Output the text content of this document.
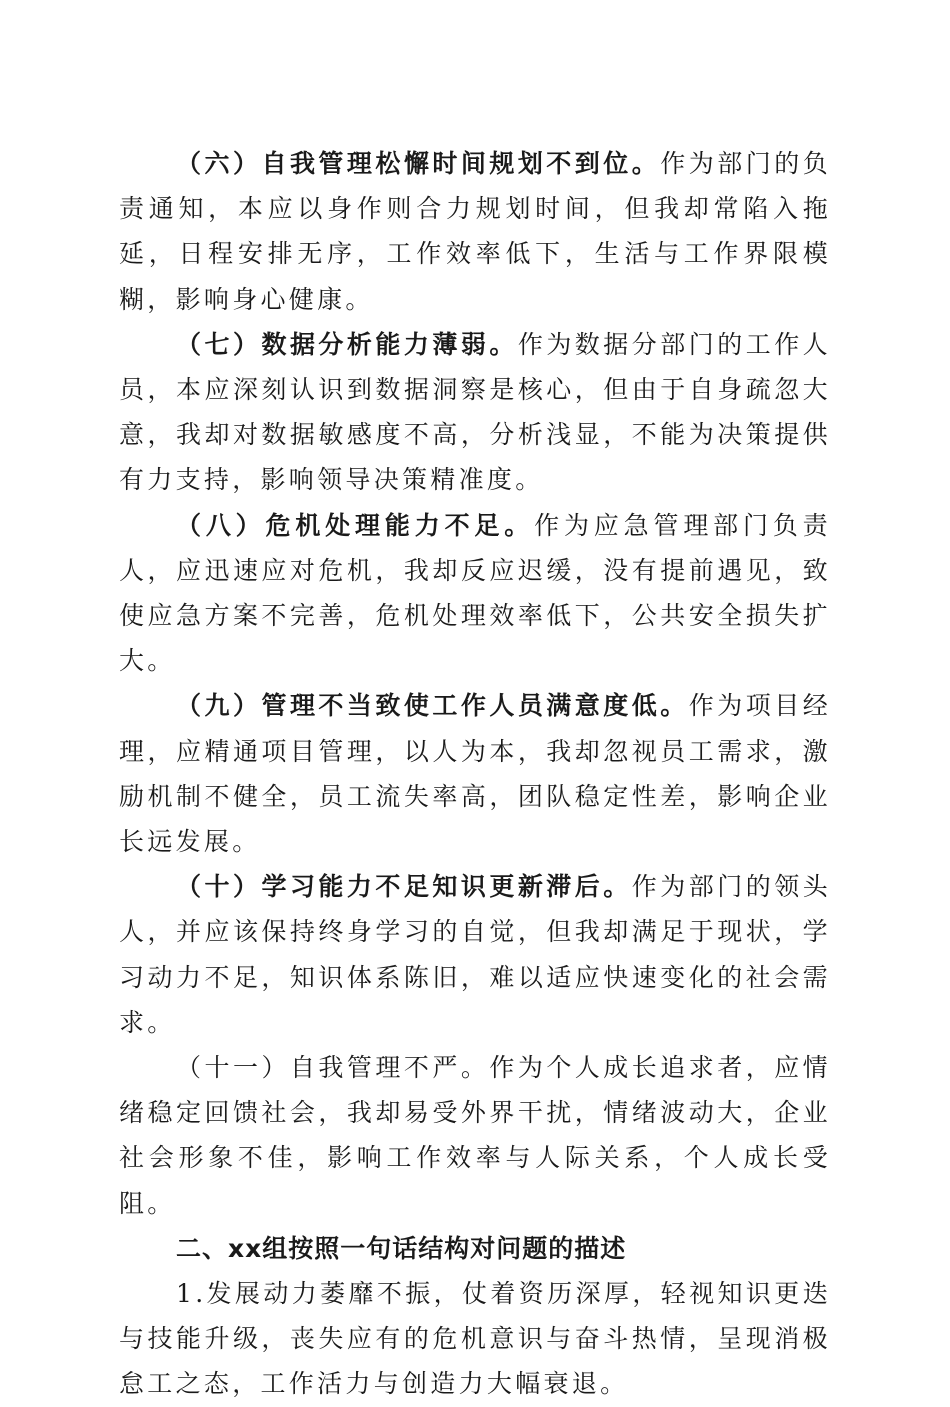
（六）自我管理松懈时间规划不到位。作为部门的负责通知，本应以身作则合力规划时间，但我却常陷入拖延，日程安排无序，工作效率低下，生活与工作界限模糊，影响身心健康。

（七）数据分析能力薄弱。作为数据分部门的工作人员，本应深刻认识到数据洞察是核心，但由于自身疏忽大意，我却对数据敏感度不高，分析浅显，不能为决策提供有力支持，影响领导决策精准度。

（八）危机处理能力不足。作为应急管理部门负责人，应迅速应对危机，我却反应迟缓，没有提前遇见，致使应急方案不完善，危机处理效率低下，公共安全损失扩大。

（九）管理不当致使工作人员满意度低。作为项目经理，应精通项目管理，以人为本，我却忽视员工需求，激励机制不健全，员工流失率高，团队稳定性差，影响企业长远发展。

（十）学习能力不足知识更新滞后。作为部门的领头人，并应该保持终身学习的自觉，但我却满足于现状，学习动力不足，知识体系陈旧，难以适应快速变化的社会需求。

（十一）自我管理不严。作为个人成长追求者，应情绪稳定回馈社会，我却易受外界干扰，情绪波动大，企业社会形象不佳，影响工作效率与人际关系，个人成长受阻。

二、xx组按照一句话结构对问题的描述

1.发展动力萎靡不振，仗着资历深厚，轻视知识更迭与技能升级，丧失应有的危机意识与奋斗热情，呈现消极怠工之态，工作活力与创造力大幅衰退。
